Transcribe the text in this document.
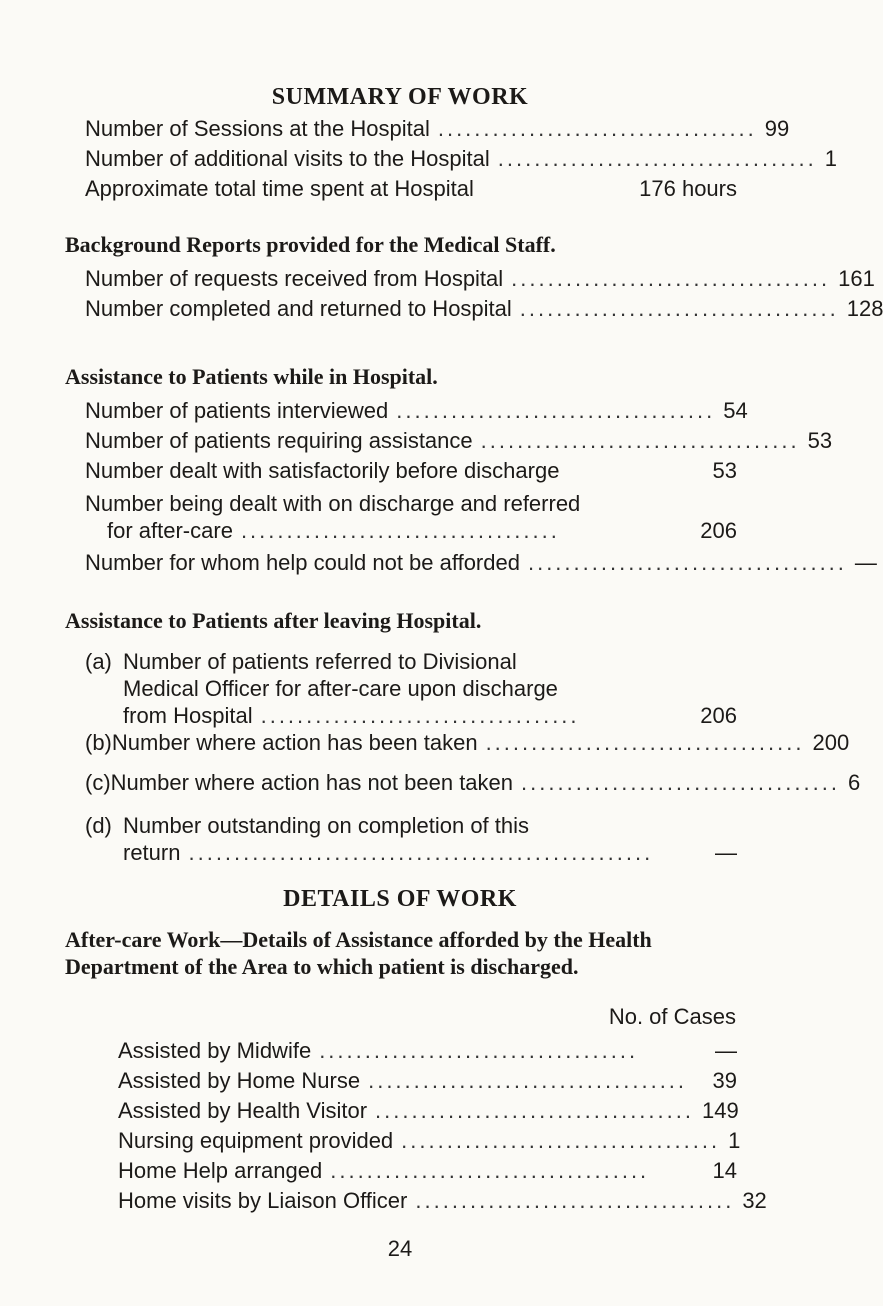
SUMMARY OF WORK
Number of Sessions at the Hospital ................................... 99
Number of additional visits to the Hospital ................................... 1
Approximate total time spent at Hospital	176 hours
Background Reports provided for the Medical Staff.
Number of requests received from Hospital ................................... 161
Number completed and returned to Hospital ................................... 128
Assistance to Patients while in Hospital.
Number of patients interviewed ................................... 54
Number of patients requiring assistance ................................... 53
Number dealt with satisfactorily before discharge	53
Number being dealt with on discharge and referred
for after-care ...................................	206
Number for whom help could not be afforded ................................... —
Assistance to Patients after leaving Hospital.
(a) Number of patients referred to Divisional
Medical Officer for after-care upon discharge
from Hospital ...................................	206
(b) Number where action has been taken ................................... 200
(c) Number where action has not been taken ................................... 6
(d) Number outstanding on completion of this
return ...................................................	—
DETAILS OF WORK
After-care Work—Details of Assistance afforded by the Health Department of the Area to which patient is discharged.
No. of Cases
Assisted by Midwife ...................................	—
Assisted by Home Nurse ...................................	39
Assisted by Health Visitor ................................... 149
Nursing equipment provided ................................... 1
Home Help arranged ...................................	14
Home visits by Liaison Officer ................................... 32
24
